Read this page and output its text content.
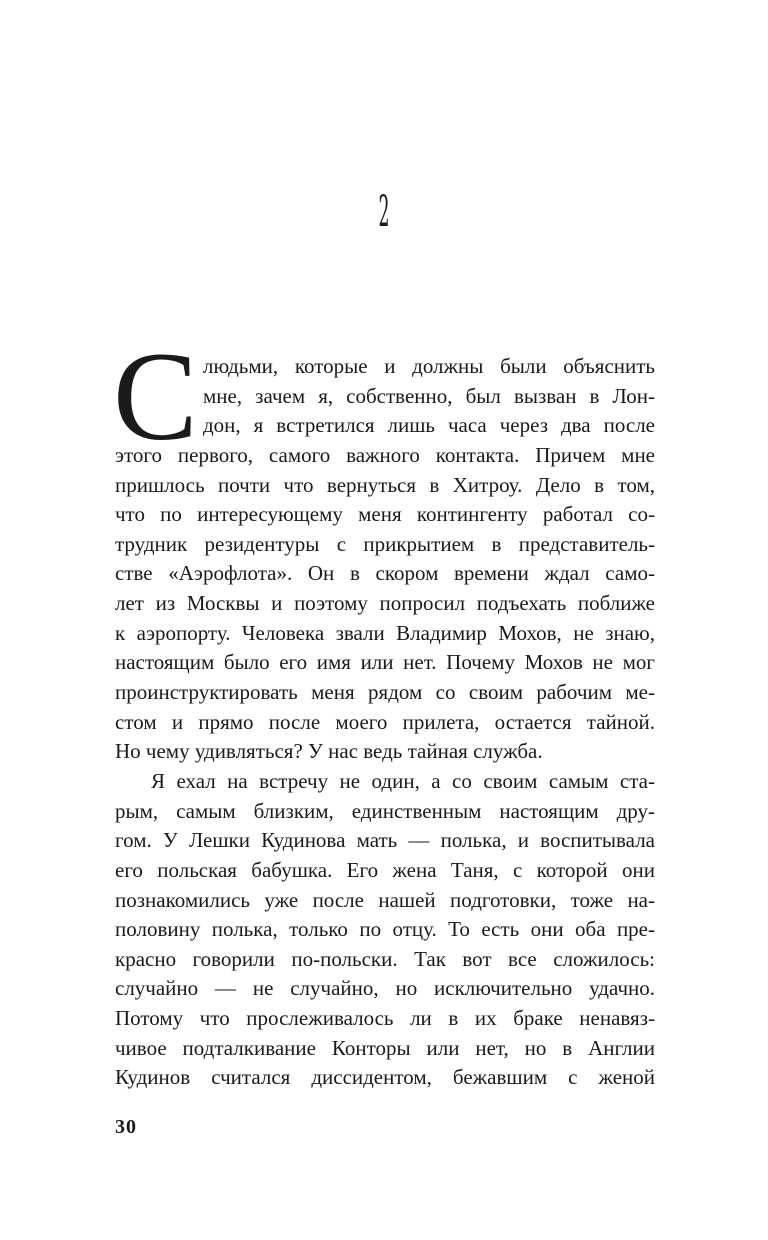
2
С людьми, которые и должны были объяснить
мне, зачем я, собственно, был вызван в Лон-
дон, я встретился лишь часа через два после
этого первого, самого важного контакта. Причем мне
пришлось почти что вернуться в Хитроу. Дело в том,
что по интересующему меня контингенту работал со-
трудник резидентуры с прикрытием в представитель-
стве «Аэрофлота». Он в скором времени ждал само-
лет из Москвы и поэтому попросил подъехать поближе
к аэропорту. Человека звали Владимир Мохов, не знаю,
настоящим было его имя или нет. Почему Мохов не мог
проинструктировать меня рядом со своим рабочим ме-
стом и прямо после моего прилета, остается тайной.
Но чему удивляться? У нас ведь тайная служба.
Я ехал на встречу не один, а со своим самым ста-
рым, самым близким, единственным настоящим дру-
гом. У Лешки Кудинова мать — полька, и воспитывала
его польская бабушка. Его жена Таня, с которой они
познакомились уже после нашей подготовки, тоже на-
половину полька, только по отцу. То есть они оба пре-
красно говорили по-польски. Так вот все сложилось:
случайно — не случайно, но исключительно удачно.
Потому что прослеживалось ли в их браке ненавяз-
чивое подталкивание Конторы или нет, но в Англии
Кудинов считался диссидентом, бежавшим с женой
30
